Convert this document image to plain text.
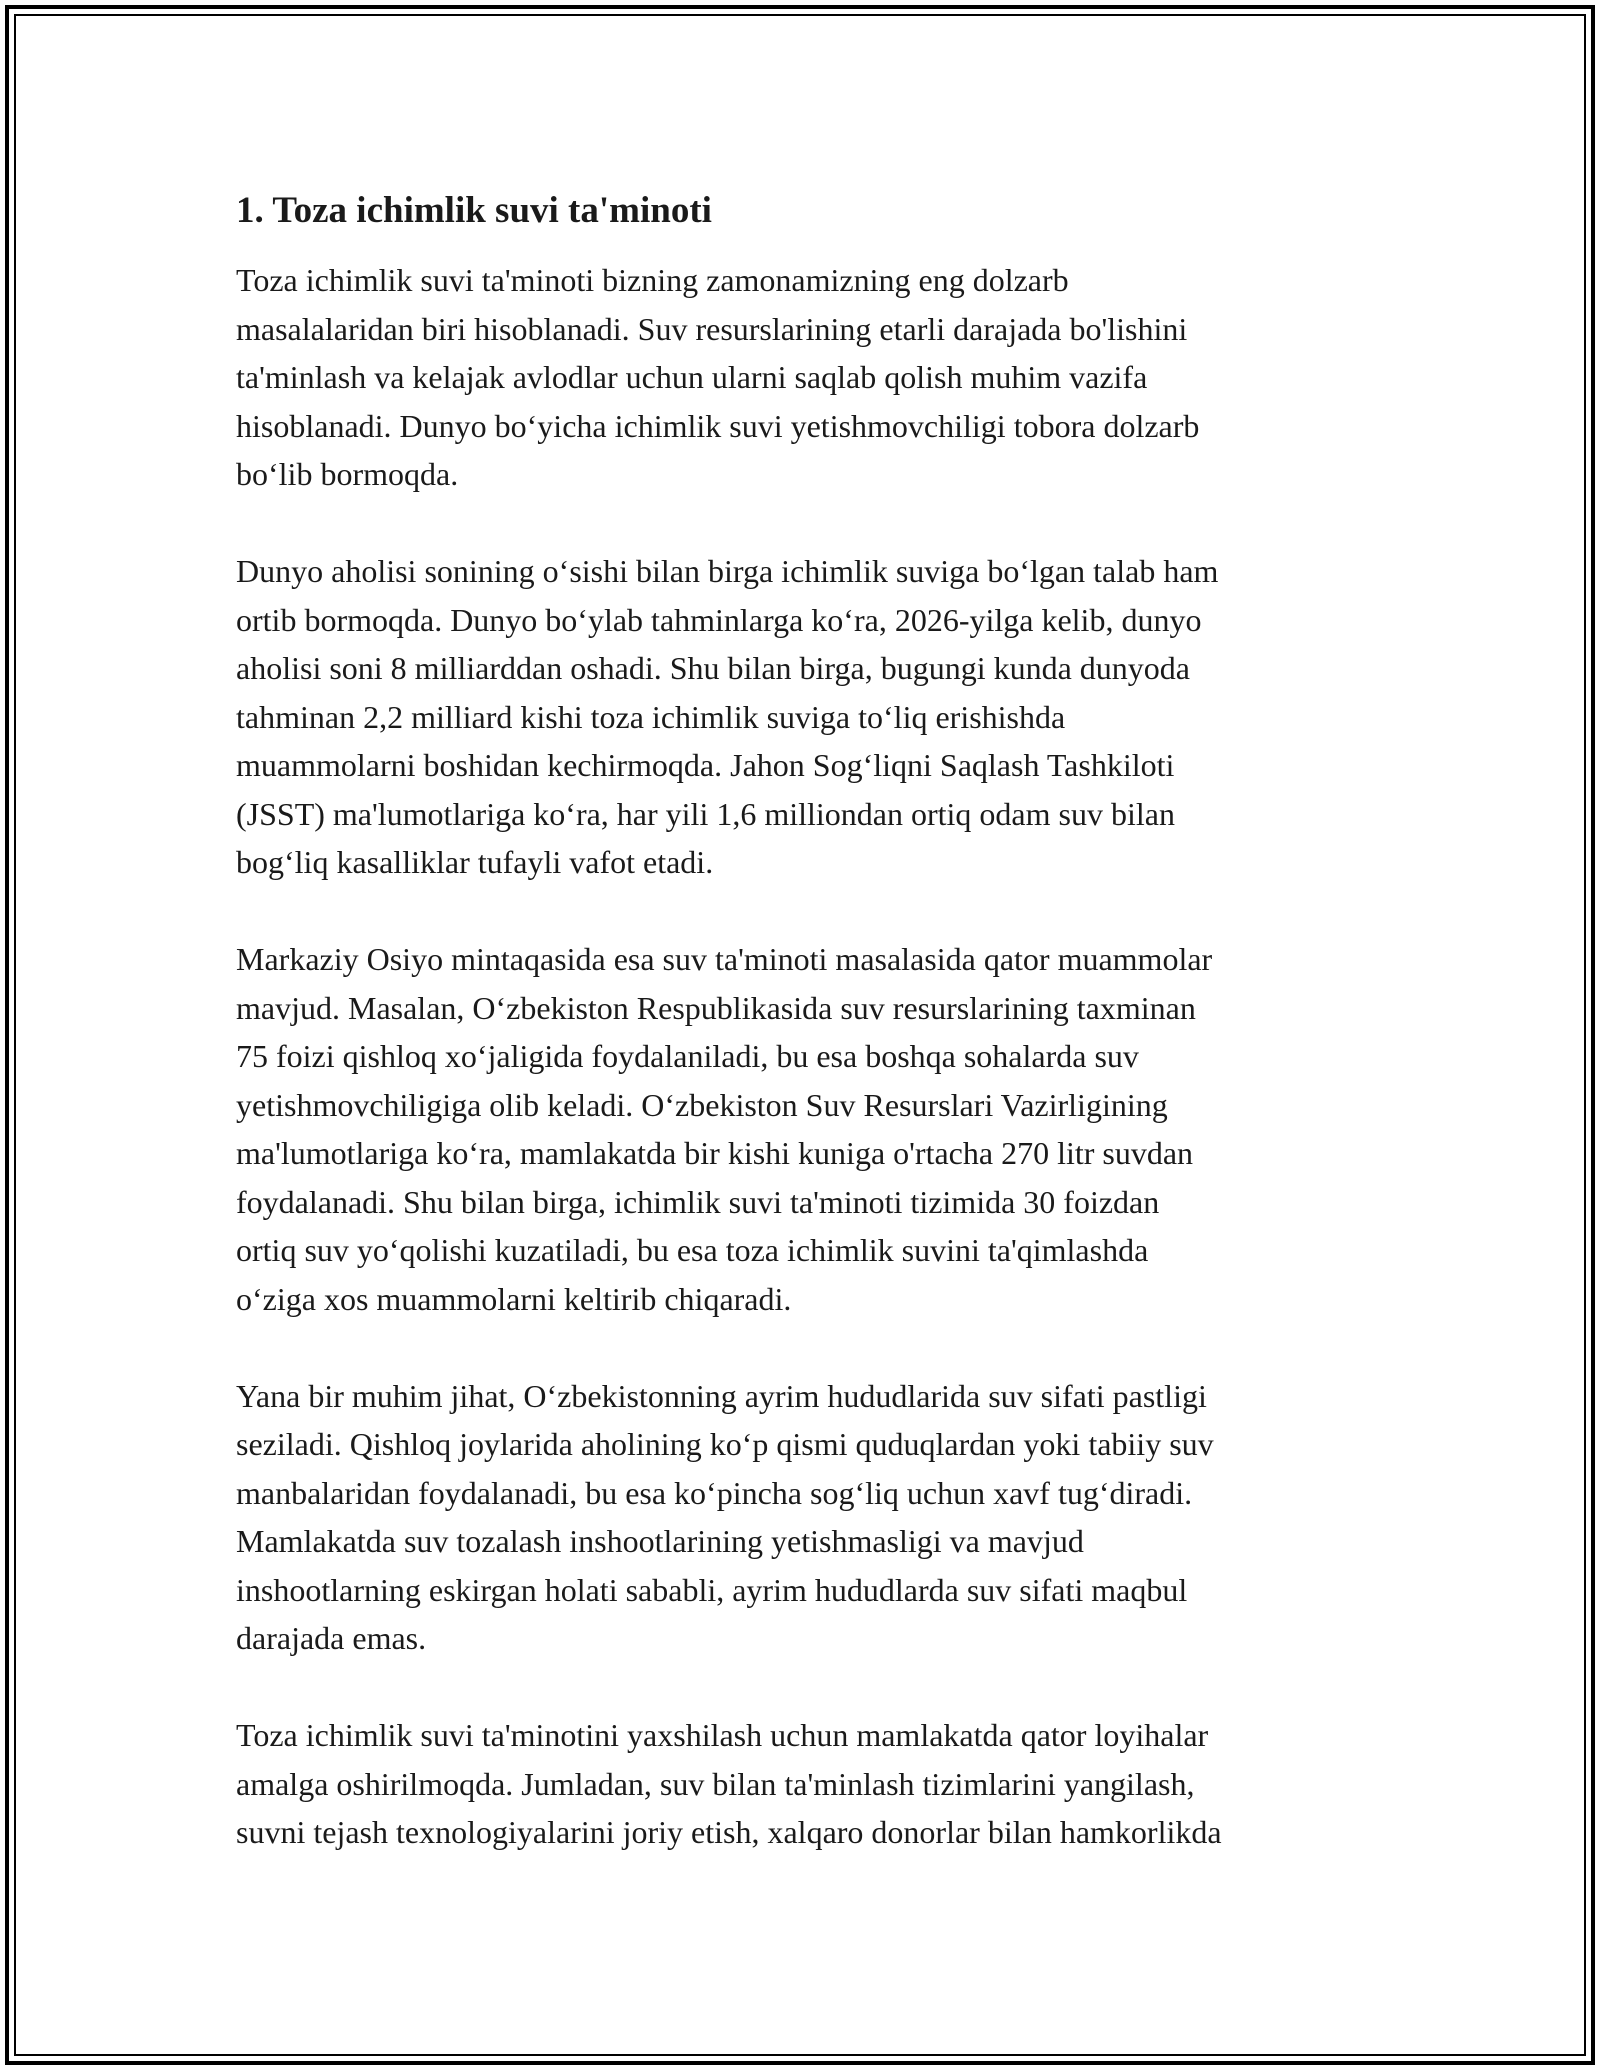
1. Toza ichimlik suvi ta'minoti

Toza ichimlik suvi ta'minoti bizning zamonamizning eng dolzarb
masalalaridan biri hisoblanadi. Suv resurslarining etarli darajada bo'lishini
ta'minlash va kelajak avlodlar uchun ularni saqlab qolish muhim vazifa
hisoblanadi. Dunyo bo‘yicha ichimlik suvi yetishmovchiligi tobora dolzarb
bo‘lib bormoqda.

Dunyo aholisi sonining o‘sishi bilan birga ichimlik suviga bo‘lgan talab ham
ortib bormoqda. Dunyo bo‘ylab tahminlarga ko‘ra, 2026-yilga kelib, dunyo
aholisi soni 8 milliarddan oshadi. Shu bilan birga, bugungi kunda dunyoda
tahminan 2,2 milliard kishi toza ichimlik suviga to‘liq erishishda
muammolarni boshidan kechirmoqda. Jahon Sog‘liqni Saqlash Tashkiloti
(JSST) ma'lumotlariga ko‘ra, har yili 1,6 milliondan ortiq odam suv bilan
bog‘liq kasalliklar tufayli vafot etadi.

Markaziy Osiyo mintaqasida esa suv ta'minoti masalasida qator muammolar
mavjud. Masalan, O‘zbekiston Respublikasida suv resurslarining taxminan
75 foizi qishloq xo‘jaligida foydalaniladi, bu esa boshqa sohalarda suv
yetishmovchiligiga olib keladi. O‘zbekiston Suv Resurslari Vazirligining
ma'lumotlariga ko‘ra, mamlakatda bir kishi kuniga o'rtacha 270 litr suvdan
foydalanadi. Shu bilan birga, ichimlik suvi ta'minoti tizimida 30 foizdan
ortiq suv yo‘qolishi kuzatiladi, bu esa toza ichimlik suvini ta'qimlashda
o‘ziga xos muammolarni keltirib chiqaradi.

Yana bir muhim jihat, O‘zbekistonning ayrim hududlarida suv sifati pastligi
seziladi. Qishloq joylarida aholining ko‘p qismi quduqlardan yoki tabiiy suv
manbalaridan foydalanadi, bu esa ko‘pincha sog‘liq uchun xavf tug‘diradi.
Mamlakatda suv tozalash inshootlarining yetishmasligi va mavjud
inshootlarning eskirgan holati sababli, ayrim hududlarda suv sifati maqbul
darajada emas.

Toza ichimlik suvi ta'minotini yaxshilash uchun mamlakatda qator loyihalar
amalga oshirilmoqda. Jumladan, suv bilan ta'minlash tizimlarini yangilash,
suvni tejash texnologiyalarini joriy etish, xalqaro donorlar bilan hamkorlikda
